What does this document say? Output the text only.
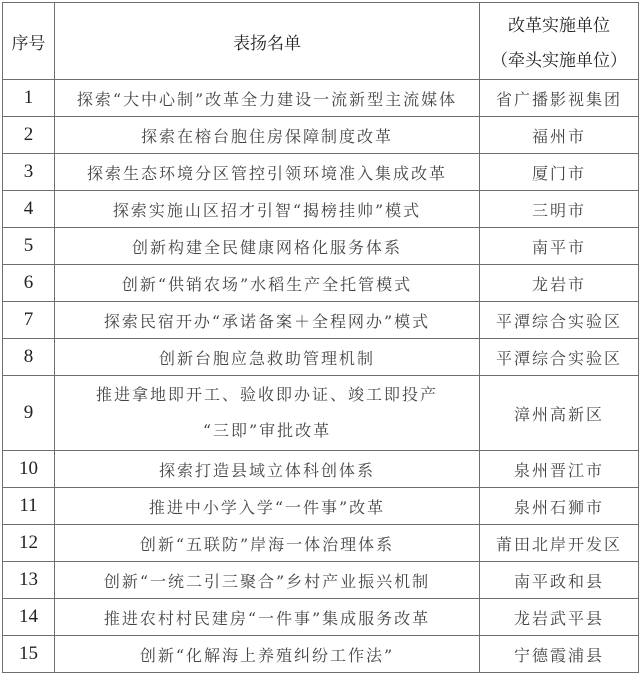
序号	表扬名单	改革实施单位
（牵头实施单位）

1	探索“大中心制”改革全力建设一流新型主流媒体	省广播影视集团
2	探索在榕台胞住房保障制度改革	福州市
3	探索生态环境分区管控引领环境准入集成改革	厦门市
4	探索实施山区招才引智“揭榜挂帅”模式	三明市
5	创新构建全民健康网格化服务体系	南平市
6	创新“供销农场”水稻生产全托管模式	龙岩市
7	探索民宿开办“承诺备案＋全程网办”模式	平潭综合实验区
8	创新台胞应急救助管理机制	平潭综合实验区
9	推进拿地即开工、验收即办证、竣工即投产
“三即”审批改革	漳州高新区
10	探索打造县域立体科创体系	泉州晋江市
11	推进中小学入学“一件事”改革	泉州石狮市
12	创新“五联防”岸海一体治理体系	莆田北岸开发区
13	创新“一统二引三聚合”乡村产业振兴机制	南平政和县
14	推进农村村民建房“一件事”集成服务改革	龙岩武平县
15	创新“化解海上养殖纠纷工作法”	宁德霞浦县
